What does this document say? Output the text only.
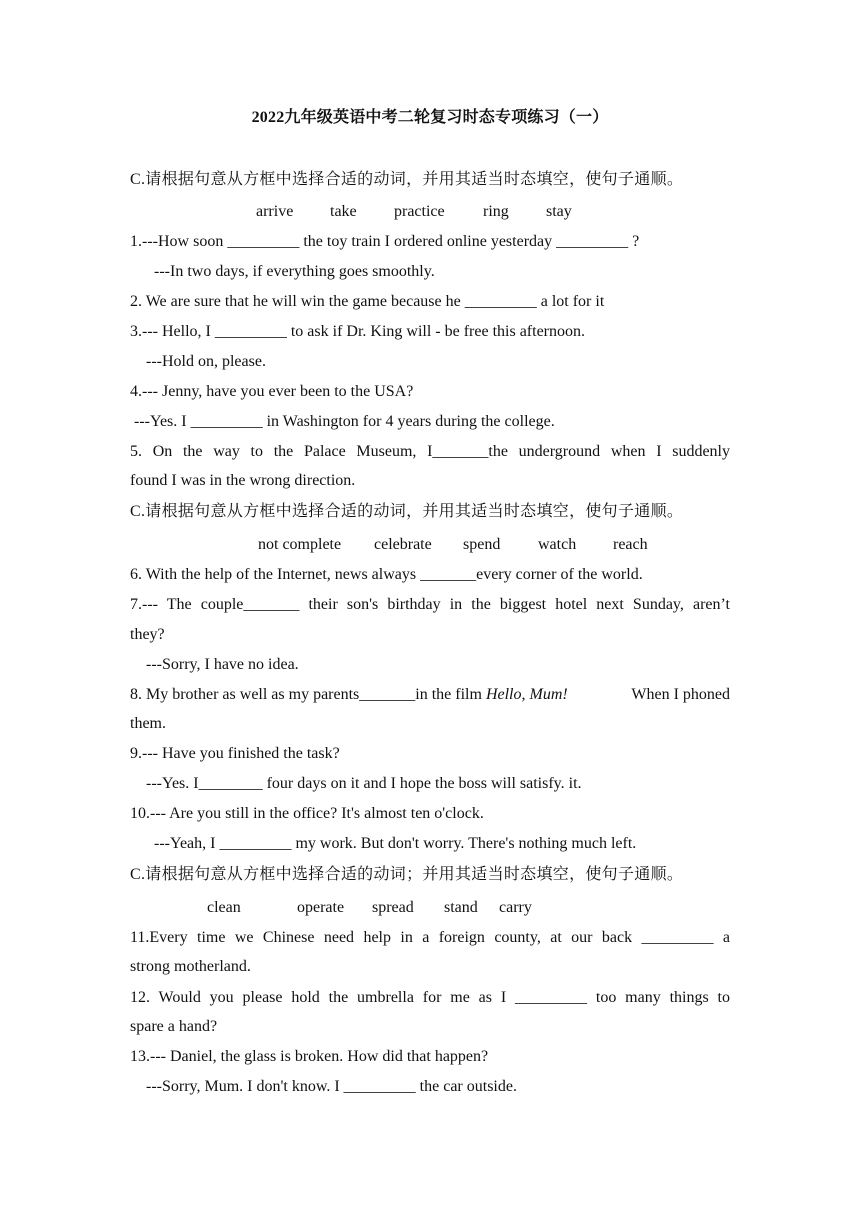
2022九年级英语中考二轮复习时态专项练习（一）
C.请根据句意从方框中选择合适的动词，并用其适当时态填空，使句子通顺。
arrive take practice ring stay
1.---How soon _________ the toy train I ordered online yesterday _________ ?
---In two days, if everything goes smoothly.
2. We are sure that he will win the game because he _________ a lot for it
3.--- Hello, I _________ to ask if Dr. King will - be free this afternoon.
---Hold on, please.
4.--- Jenny, have you ever been to the USA?
---Yes. I _________ in Washington for 4 years during the college.
5. On the way to the Palace Museum, I_______the underground when I suddenly
found I was in the wrong direction.
C.请根据句意从方框中选择合适的动词，并用其适当时态填空，使句子通顺。
not complete celebrate spend watch reach
6. With the help of the Internet, news always _______every corner of the world.
7.--- The couple_______ their son's birthday in the biggest hotel next Sunday, aren’t
they?
---Sorry, I have no idea.
8. My brother as well as my parents_______in the film Hello, Mum!	When I phoned
them.
9.--- Have you finished the task?
---Yes. I________ four days on it and I hope the boss will satisfy. it.
10.--- Are you still in the office? It's almost ten o'clock.
---Yeah, I _________ my work. But don't worry. There's nothing much left.
C.请根据句意从方框中选择合适的动词；并用其适当时态填空，使句子通顺。
clean	operate spread stand carry
11.Every time we Chinese need help in a foreign county, at our back _________ a
strong motherland.
12. Would you please hold the umbrella for me as I _________ too many things to
spare a hand?
13.--- Daniel, the glass is broken. How did that happen?
---Sorry, Mum. I don't know. I _________ the car outside.
